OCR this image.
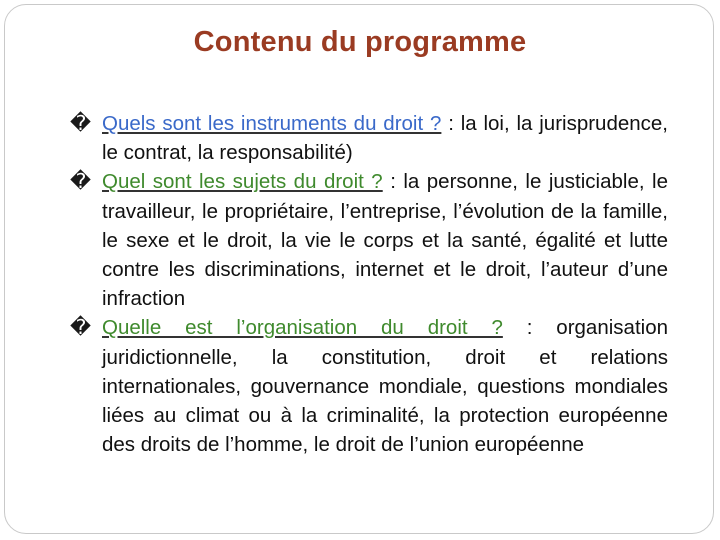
Contenu du programme

� Quels sont les instruments du droit ? : la loi, la jurisprudence, le contrat, la responsabilité)

� Quel sont les sujets du droit ? : la personne, le justiciable, le travailleur, le propriétaire, l’entreprise, l’évolution de la famille, le sexe et le droit, la vie le corps et la santé, égalité et lutte contre les discriminations, internet et le droit, l’auteur d’une infraction

� Quelle est l’organisation du droit ? : organisation juridictionnelle, la constitution, droit et relations internationales, gouvernance mondiale, questions mondiales liées au climat ou à la criminalité, la protection européenne des droits de l’homme, le droit de l’union européenne
